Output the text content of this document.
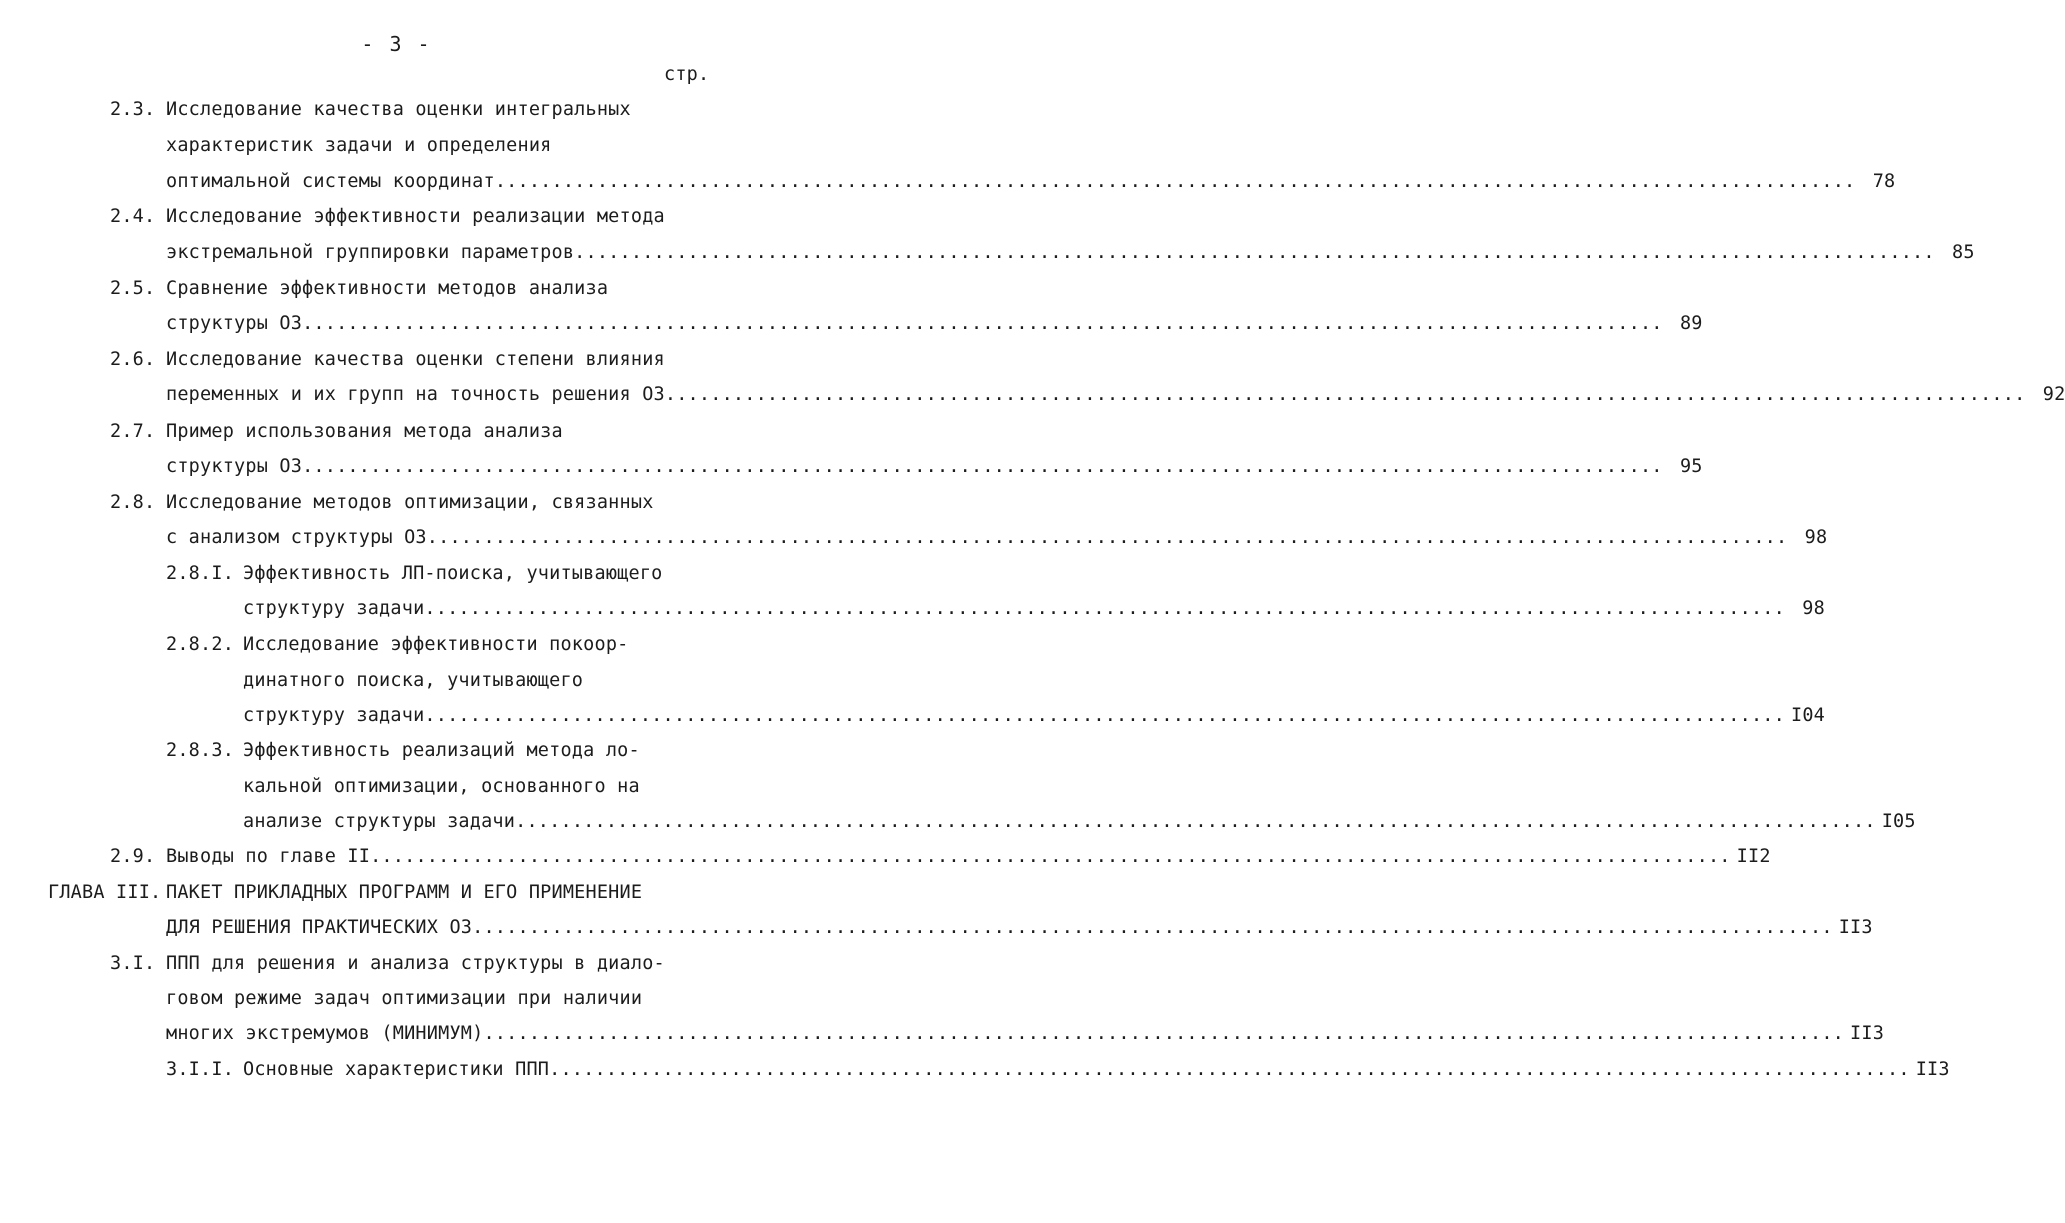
- 3 -
стр.
2.3. Исследование качества оценки интегральных
характеристик задачи и определения
оптимальной системы координат ........................................................................................................................ 78
2.4. Исследование эффективности реализации метода
экстремальной группировки параметров ........................................................................................................................ 85
2.5. Сравнение эффективности методов анализа
структуры ОЗ ........................................................................................................................ 89
2.6. Исследование качества оценки степени влияния
переменных и их групп на точность решения ОЗ ........................................................................................................................ 92
2.7. Пример использования метода анализа
структуры ОЗ ........................................................................................................................ 95
2.8. Исследование методов оптимизации, связанных
с анализом структуры ОЗ ........................................................................................................................ 98
2.8.I. Эффективность ЛП-поиска, учитывающего
структуру задачи ........................................................................................................................ 98
2.8.2. Исследование эффективности покоор-
динатного поиска, учитывающего
структуру задачи ........................................................................................................................ I04
2.8.3. Эффективность реализаций метода ло-
кальной оптимизации, основанного на
анализе структуры задачи ........................................................................................................................ I05
2.9. Выводы по главе II ........................................................................................................................ II2
ГЛАВА III. ПАКЕТ ПРИКЛАДНЫХ ПРОГРАММ И ЕГО ПРИМЕНЕНИЕ
ДЛЯ РЕШЕНИЯ ПРАКТИЧЕСКИХ ОЗ ........................................................................................................................ II3
3.I. ППП для решения и анализа структуры в диало-
говом режиме задач оптимизации при наличии
многих экстремумов (МИНИМУМ) ........................................................................................................................ II3
3.I.I. Основные характеристики ППП ........................................................................................................................ II3
